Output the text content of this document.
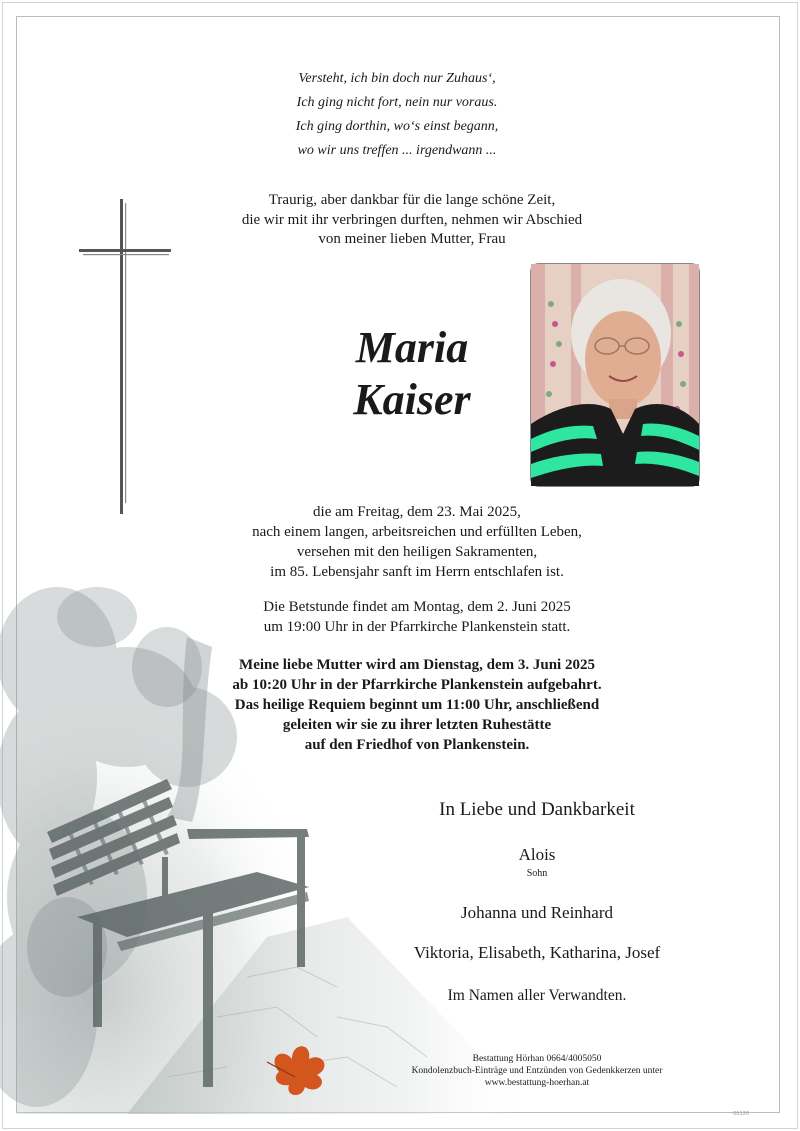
Versteht, ich bin doch nur Zuhaus‘,
Ich ging nicht fort, nein nur voraus.
Ich ging dorthin, wo‘s einst begann,
wo wir uns treffen ... irgendwann ...
Traurig, aber dankbar für die lange schöne Zeit,
die wir mit ihr verbringen durften, nehmen wir Abschied
von meiner lieben Mutter, Frau
Maria
Kaiser
die am Freitag, dem 23. Mai 2025,
nach einem langen, arbeitsreichen und erfüllten Leben,
versehen mit den heiligen Sakramenten,
im 85. Lebensjahr sanft im Herrn entschlafen ist.
Die Betstunde findet am Montag, dem 2. Juni 2025
um 19:00 Uhr in der Pfarrkirche Plankenstein statt.
Meine liebe Mutter wird am Dienstag, dem 3. Juni 2025
ab 10:20 Uhr in der Pfarrkirche Plankenstein aufgebahrt.
Das heilige Requiem beginnt um 11:00 Uhr, anschließend
geleiten wir sie zu ihrer letzten Ruhestätte
auf den Friedhof von Plankenstein.
In Liebe und Dankbarkeit
Alois
Sohn
Johanna und Reinhard
Viktoria, Elisabeth, Katharina, Josef
Im Namen aller Verwandten.
Bestattung Hörhan 0664/4005050
Kondolenzbuch-Einträge und Entzünden von Gedenkkerzen unter
www.bestattung-hoerhan.at
00126
